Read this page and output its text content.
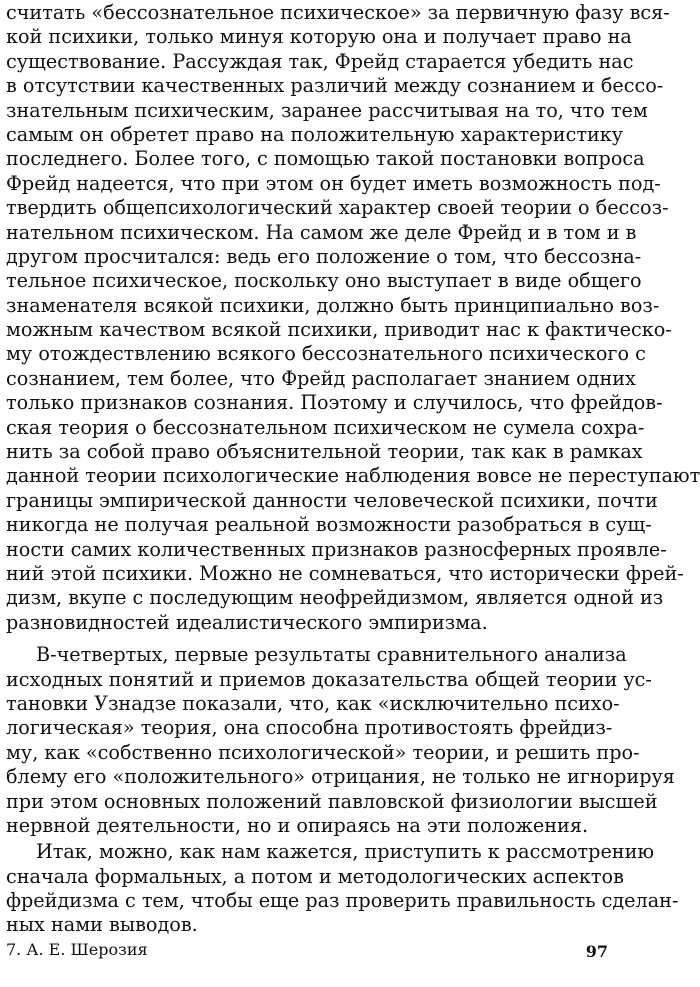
считать «бессознательное психическое» за первичную фазу вся-
кой психики, только минуя которую она и получает право на
существование. Рассуждая так, Фрейд старается убедить нас
в отсутствии качественных различий между сознанием и бессо-
знательным психическим, заранее рассчитывая на то, что тем
самым он обретет право на положительную характеристику
последнего. Более того, с помощью такой постановки вопроса
Фрейд надеется, что при этом он будет иметь возможность под-
твердить общепсихологический характер своей теории о бессоз-
нательном психическом. На самом же деле Фрейд и в том и в
другом просчитался: ведь его положение о том, что бессозна-
тельное психическое, поскольку оно выступает в виде общего
знаменателя всякой психики, должно быть принципиально воз-
можным качеством всякой психики, приводит нас к фактическо-
му отождествлению всякого бессознательного психического с
сознанием, тем более, что Фрейд располагает знанием одних
только признаков сознания. Поэтому и случилось, что фрейдов-
ская теория о бессознательном психическом не сумела сохра-
нить за собой право объяснительной теории, так как в рамках
данной теории психологические наблюдения вовсе не переступают
границы эмпирической данности человеческой психики, почти
никогда не получая реальной возможности разобраться в сущ-
ности самих количественных признаков разносферных проявле-
ний этой психики. Можно не сомневаться, что исторически фрей-
дизм, вкупе с последующим неофрейдизмом, является одной из
разновидностей идеалистического эмпиризма.
В-четвертых, первые результаты сравнительного анализа
исходных понятий и приемов доказательства общей теории ус-
тановки Узнадзе показали, что, как «исключительно психо-
логическая» теория, она способна противостоять фрейдиз-
му, как «собственно психологической» теории, и решить про-
блему его «положительного» отрицания, не только не игнорируя
при этом основных положений павловской физиологии высшей
нервной деятельности, но и опираясь на эти положения.
Итак, можно, как нам кажется, приступить к рассмотрению
сначала формальных, а потом и методологических аспектов
фрейдизма с тем, чтобы еще раз проверить правильность сделан-
ных нами выводов.
7. А. Е. Шерозия	97
